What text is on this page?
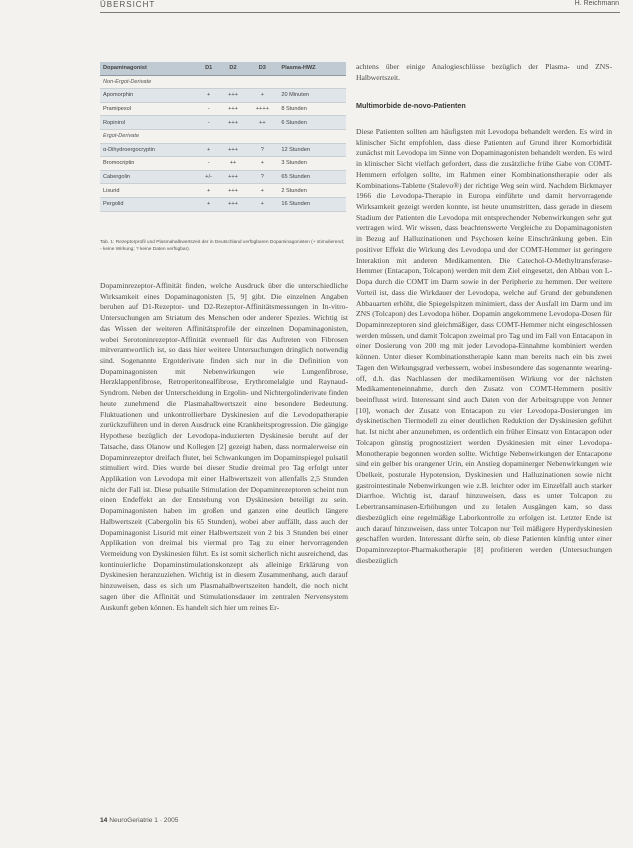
ÜBERSICHT	H. Reichmann
Dopaminagonist	D1	D2	D3	Plasma-HWZ
Non-Ergot-Derivate				
Apomorphin	+	+++	+	20 Minuten
Pramipexol	-	+++	++++	8 Stunden
Ropinirol	-	+++	++	6 Stunden
Ergot-Derivate				
α-Dihydroergocryptin	+	+++	?	12 Stunden
Bromocriptin	-	++	+	3 Stunden
Cabergolin	+/-	+++	?	65 Stunden
Lisurid	+	+++	+	2 Stunden
Pergolid	+	+++	+	16 Stunden
Tab. 1: Rezeptorprofil und Plasmahalbwertszeit der in Deutschland verfügbaren Dopaminagonisten (+ stimulierend; - keine Wirkung; ? keine Daten verfügbar).

Dopaminrezeptor-Affinität finden, welche Ausdruck über die unterschiedliche Wirksamkeit eines Dopaminagonisten [5, 9] gibt. Die einzelnen Angaben beruhen auf D1-Rezeptor- und D2-Rezeptor-Affinitätsmessungen in In-vitro-Untersuchungen am Striatum des Menschen oder anderer Spezies. Wichtig ist das Wissen der weiteren Affinitätsprofile der einzelnen Dopaminagonisten, wobei Serotoninrezeptor-Affinität eventuell für das Auftreten von Fibrosen mitverantwortlich ist, so dass hier weitere Untersuchungen dringlich notwendig sind. Sogenannte Ergotderivate finden sich nur in die Definition von Dopaminagonisten mit Nebenwirkungen wie Lungenfibrose, Herzklappenfibrose, Retroperitonealfibrose, Erythromelalgie und Raynaud-Syndrom. Neben der Unterscheidung in Ergolin- und Nichtergolinderivate finden heute zunehmend die Plasmahalbwertszeit eine besondere Bedeutung. Fluktuationen und unkontrollierbare Dyskinesien auf die Levodopatherapie zurückzuführen und in deren Ausdruck eine Krankheitsprogression. Die gängige Hypothese bezüglich der Levodopa-induzierten Dyskinesie beruht auf der Tatsache, dass Olanow und Kollegen [2] gezeigt haben, dass normalerweise ein Dopaminrezeptor dreifach flutet, bei Schwankungen im Dopaminspiegel pulsatil stimuliert wird. Dies wurde bei dieser Studie dreimal pro Tag erfolgt unter Applikation von Levodopa mit einer Halbwertszeit von allenfalls 2,5 Stunden nicht der Fall ist. Diese pulsatile Stimulation der Dopaminrezeptoren scheint nun einen Endeffekt an der Entstehung von Dyskinesien beteiligt zu sein. Dopaminagonisten haben im großen und ganzen eine deutlich längere Halbwertszeit (Cabergolin bis 65 Stunden), wobei aber auffällt, dass auch der Dopaminagonist Lisurid mit einer Halbwertszeit von 2 bis 3 Stunden bei einer Applikation von dreimal bis viermal pro Tag zu einer hervorragenden Vermeidung von Dyskinesien führt. Es ist somit sicherlich nicht ausreichend, das kontinuierliche Dopaminstimulationskonzept als alleinige Erklärung von Dyskinesien heranzuziehen. Wichtig ist in diesem Zusammenhang, auch darauf hinzuweisen, dass es sich um Plasmahalbwertszeiten handelt, die noch nicht sagen über die Affinität und Stimulationsdauer im zentralen Nervensystem Auskunft geben können. Es handelt sich hier um reines Er-

achtens über einige Analogieschlüsse bezüglich der Plasma- und ZNS-Halbwertszeit.

Multimorbide de-novo-Patienten

Diese Patienten sollten am häufigsten mit Levodopa behandelt werden. Es wird in klinischer Sicht empfohlen, dass diese Patienten auf Grund ihrer Komorbidität zunächst mit Levodopa im Sinne von Dopaminagonisten behandelt werden. Es wird in klinischer Sicht vielfach gefordert, dass die zusätzliche frühe Gabe von COMT-Hemmern erfolgen sollte, im Rahmen einer Kombinationstherapie oder als Kombinations-Tablette (Stalevo®) der richtige Weg sein wird. Nachdem Birkmayer 1966 die Levodopa-Therapie in Europa einführte und damit hervorragende Wirksamkeit gezeigt werden konnte, ist heute unumstritten, dass gerade in diesem Stadium der Patienten die Levodopa mit entsprechender Nebenwirkungen sehr gut vertragen wird. Wir wissen, dass beachtenswerte Vergleiche zu Dopaminagonisten in Bezug auf Halluzinationen und Psychosen keine Einschränkung geben. Ein positiver Effekt die Wirkung des Levodopa und der COMT-Hemmer ist geringere Interaktion mit anderen Medikamenten. Die Catechol-O-Methyltransferase-Hemmer (Entacapon, Tolcapon) werden mit dem Ziel eingesetzt, den Abbau von L-Dopa durch die COMT im Darm sowie in der Peripherie zu hemmen. Der weitere Vorteil ist, dass die Wirkdauer der Levodopa, welche auf Grund der gebundenen Abbauarten erhöht, die Spiegelspitzen minimiert, dass der Ausfall im Darm und im ZNS (Tolcapon) des Levodopa höher. Dopamin angekommene Levodopa-Dosen für Dopaminrezeptoren sind gleichmäßiger, dass COMT-Hemmer nicht eingeschlossen werden müssen, und damit Tolcapon zweimal pro Tag und im Fall von Entacapon in einer Dosierung von 200 mg mit jeder Levodopa-Einnahme kombiniert werden können. Unter dieser Kombinationstherapie kann man bereits nach ein bis zwei Tagen den Wirkungsgrad verbessern, wobei insbesondere das sogenannte wearing-off, d.h. das Nachlassen der medikamentösen Wirkung vor der nächsten Medikamenteneinnahme, durch den Zusatz von COMT-Hemmern positiv beeinflusst wird. Interessant sind auch Daten von der Arbeitsgruppe von Jenner [10], wonach der Zusatz von Entacapon zu vier Levodopa-Dosierungen im dyskinetischen Tiermodell zu einer deutlichen Reduktion der Dyskinesien geführt hat. Ist nicht aber anzunehmen, es ordentlich ein früher Einsatz von Entacapon oder Tolcapon günstig prognostiziert werden Dyskinesien mit einer Levodopa-Monotherapie begonnen worden sollte. Wichtige Nebenwirkungen der Entacapone sind ein gelber bis orangener Urin, ein Anstieg dopaminerger Nebenwirkungen wie Übelkeit, posturale Hypotension, Dyskinesien und Halluzinationen sowie nicht gastrointestinale Nebenwirkungen wie z.B. leichter oder im Einzelfall auch starker Diarrhoe. Wichtig ist, darauf hinzuweisen, dass es unter Tolcapon zu Lebertransaminasen-Erhöhungen und zu letalen Ausgängen kam, so dass diesbezüglich eine regelmäßige Laborkontrolle zu erfolgen ist. Letzter Ende ist auch darauf hinzuweisen, dass unter Tolcapon nur Teil mäßigere Hyperdyskinesien geschaffen wurden. Interessant dürfte sein, ob diese Patienten künftig unter einer Dopaminrezeptor-Pharmakotherapie [8] profitieren werden (Untersuchungen diesbezüglich

14 NeuroGeriatrie 1 · 2005
